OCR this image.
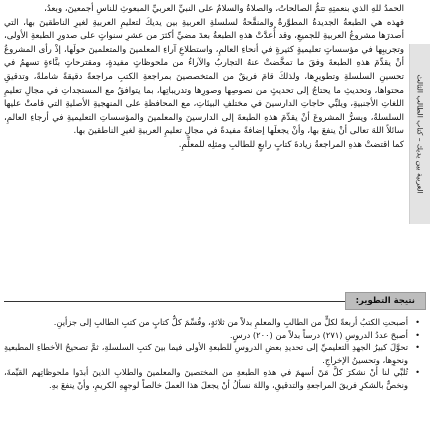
الحمدُ للهِ الذي بنعمتِهِ تتمُّ الصالحاتُ، والصلاةُ والسلامُ على النبيِّ العربيِّ المبعوثِ للناسِ أجمعينَ، وبعدُ،

فهذه هي الطبعةُ الجديدةُ المطوَّرةُ والمنقَّحةُ لسلسلةِ العربيةِ بين يديكَ لتعليمِ العربيةِ لغيرِ الناطقينَ بها، التي أصدرَها مشروعُ العربيةِ للجميعِ، وقد أُعدَّتْ هذهِ الطبعةُ بعدَ مضيِّ أكثرَ من عشرِ سنواتٍ على صدورِ الطبعةِ الأولى، وتجريبِها في مؤسساتٍ تعليميةٍ كثيرةٍ في أنحاءِ العالمِ، واستطلاعِ آراءِ المعلمينَ والمتعلمينَ حولَها، إذْ رأى المشروعُ أنْ يقدِّمَ هذهِ الطبعةَ وفقَ ما تمخَّضتْ عنهُ التجاربُ والآراءُ من ملحوظاتٍ مفيدةٍ، ومقترحاتٍ بنَّاءةٍ تسهمُ في تحسينِ السلسلةِ وتطويرِها، ولذلكَ قامَ فريقٌ من المتخصصينَ بمراجعةِ الكتبِ مراجعةً دقيقةً شاملةً، وتدقيقِ محتواها، وتحديثِ ما يحتاجُ إلى تحديثٍ من نصوصِها وصورِها وتدريباتِها، بما يتوافقُ مع المستجداتِ في مجالِ تعليمِ اللغاتِ الأجنبيةِ، ويلبِّي حاجاتِ الدارسينَ في مختلفِ البيئاتِ، مع المحافظةِ على المنهجيةِ الأصليةِ التي قامتْ عليها السلسلةُ، ويسرُّ المشروعَ أنْ يقدِّمَ هذهِ الطبعةَ إلى الدارسينَ والمعلمينَ والمؤسساتِ التعليميةِ في أرجاءِ العالمِ، سائلاً اللهَ تعالى أنْ ينفعَ بها، وأنْ يجعلَها إضافةً مفيدةً في مجالِ تعليمِ العربيةِ لغيرِ الناطقينَ بها.

كما اقتضتْ هذهِ المراجعةُ زيادةَ كتابٍ رابعٍ للطالبِ ومثلِه للمعلِّمِ. العربية بين يديك – كتاب الطالب الثالث
نتيجة التطوير:
• أصبحتِ الكتبُ أربعةً لكلٍّ من الطالبِ والمعلمِ بدلاً من ثلاثةٍ، وقُسِّمَ كلُّ كتابٍ من كتبِ الطالبِ إلى جزأينِ.
• أصبحَ عددُ الدروسِ (٢٧١) درساً بدلاً من (٢٠٠) درسٍ.
• تحوَّلَ كبيرُ الجهدِ التعليميِّ إلى تحديدِ بعضِ الدروسِ للطبعةِ الأولى فيما بينَ كتبِ السلسلةِ، ثمَّ تصحيحُ الأخطاءِ المطبعيةِ ونحوِها، وتحسينُ الإخراجِ.
• تُلبِّي لنا أنْ نشكرَ كلَّ مَنْ أسهمَ في هذهِ الطبعةِ من المختصينَ والمعلمينَ والطلابِ الذينَ أبدَوا ملحوظاتِهم القيِّمةَ، ونخصُّ بالشكرِ فريقَ المراجعةِ والتدقيقِ، واللهَ نسألُ أنْ يجعلَ هذا العملَ خالصاً لوجهِهِ الكريمِ، وأنْ ينفعَ بهِ.
